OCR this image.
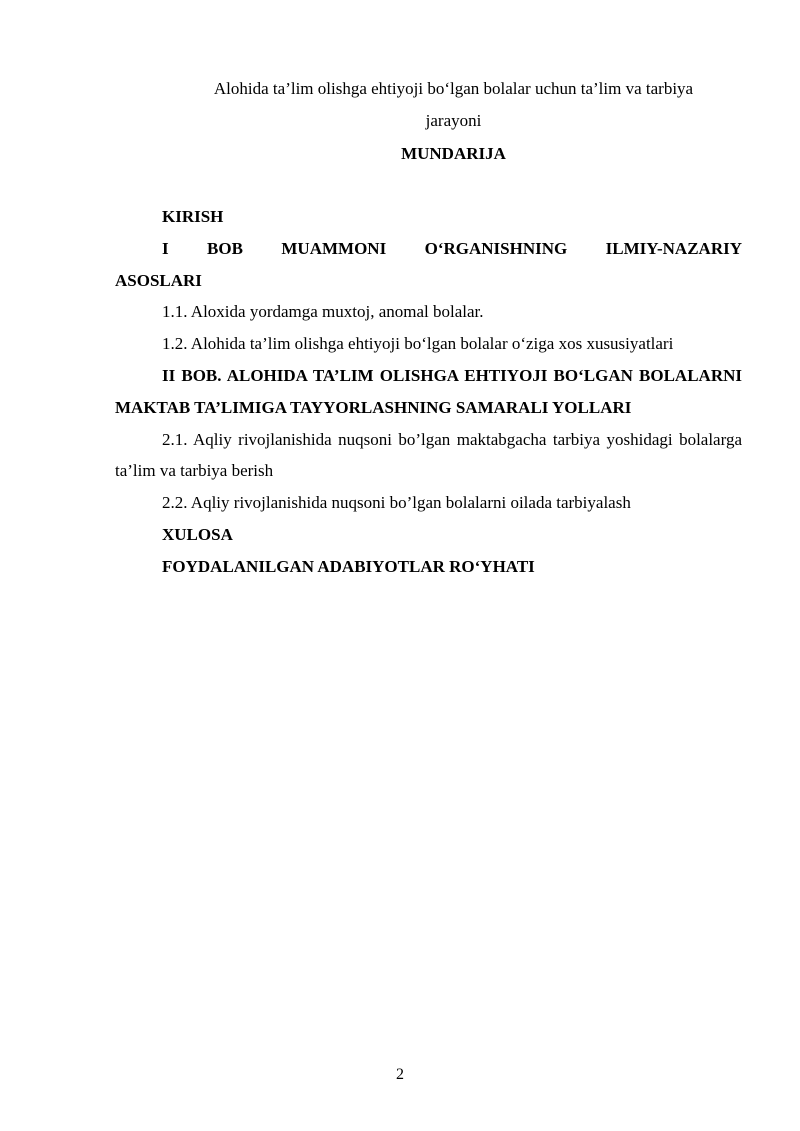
Alohida ta’lim olishga ehtiyoji bo‘lgan bolalar uchun ta’lim va tarbiya
jarayoni
MUNDARIJA

KIRISH

I BOB MUAMMONI O‘RGANISHNING ILMIY-NAZARIY

ASOSLARI

1.1. Aloxida yordamga muxtoj, anomal bolalar.

1.2. Alohida ta’lim olishga ehtiyoji bo‘lgan bolalar o‘ziga xos xususiyatlari

II BOB. ALOHIDA TA’LIM OLISHGA EHTIYOJI BO‘LGAN BOLALARNI MAKTAB TA’LIMIGA TAYYORLASHNING SAMARALI YOLLARI

2.1. Aqliy rivojlanishida nuqsoni bo’lgan maktabgacha tarbiya yoshidagi bolalarga ta’lim va tarbiya berish

2.2. Aqliy rivojlanishida nuqsoni bo’lgan bolalarni oilada tarbiyalash

XULOSA

FOYDALANILGAN ADABIYOTLAR RO‘YHATI

2
